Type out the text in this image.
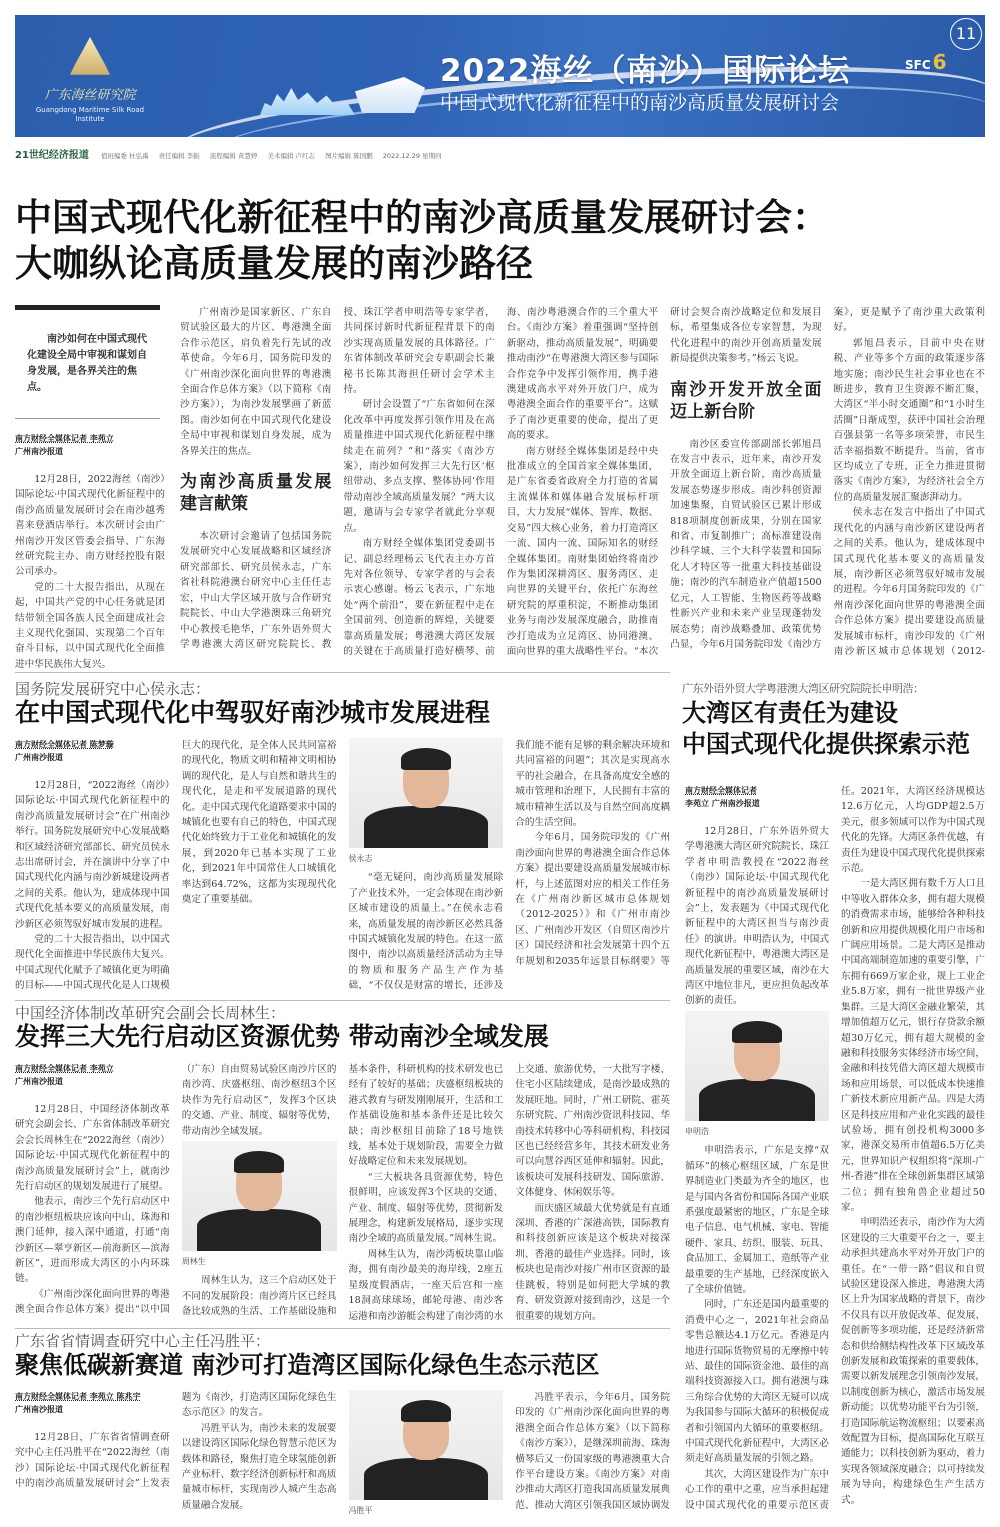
广东海丝研究院
Guangdong Maritime Silk Road Institute
2022海丝（南沙）国际论坛
中国式现代化新征程中的南沙高质量发展研讨会
SFC 6
11
21世纪经济报道 值班编委 杜弘禹 责任编辑 李振 流程编辑 黄慧婷 美术编辑 卢红志 图片编辑 陈国鹏 2022.12.29 星期四
中国式现代化新征程中的南沙高质量发展研讨会：
大咖纵论高质量发展的南沙路径
南沙如何在中国式现代化建设全局中审视和谋划自身发展，是各界关注的焦点。
南方财经全媒体记者 李苑立
广州南沙报道

12月28日，2022海丝（南沙）国际论坛·中国式现代化新征程中的南沙高质量发展研讨会在南沙越秀喜来登酒店举行。本次研讨会由广州南沙开发区管委会指导、广东海丝研究院主办、南方财经控股有限公司承办。

党的二十大报告指出，从现在起，中国共产党的中心任务就是团结带领全国各族人民全面建成社会主义现代化强国、实现第二个百年奋斗目标，以中国式现代化全面推进中华民族伟大复兴。

广州南沙是国家新区、广东自贸试验区最大的片区、粤港澳全面合作示范区，肩负着先行先试的改革使命。今年6月，国务院印发的《广州南沙深化面向世界的粤港澳全面合作总体方案》（以下简称《南沙方案》），为南沙发展擘画了新蓝图。南沙如何在中国式现代化建设全局中审视和谋划自身发展，成为各界关注的焦点。

为南沙高质量发展建言献策

本次研讨会邀请了包括国务院发展研究中心发展战略和区域经济研究部部长、研究员侯永志，广东省社科院港澳台研究中心主任任志宏，中山大学区域开放与合作研究院院长、中山大学港澳珠三角研究中心教授毛艳华，广东外语外贸大学粤港澳大湾区研究院院长、教授、珠江学者申明浩等专家学者，共同探讨新时代新征程背景下的南沙实现高质量发展的具体路径。广东省体制改革研究会专职副会长兼秘书长陈其海担任研讨会学术主持。

研讨会设置了“广东省如何在深化改革中再度发挥引领作用及在高质量推进中国式现代化新征程中继续走在前列？”和“落实《南沙方案》，南沙如何发挥三大先行区‘枢纽带动、多点支撑、整体协同’作用带动南沙全域高质量发展？”两大议题，邀请与会专家学者就此分享观点。

南方财经全媒体集团党委副书记、副总经理杨云飞代表主办方首先对各位领导、专家学者的与会表示衷心感谢。杨云飞表示，广东地处“两个前沿”，要在新征程中走在全国前列、创造新的辉煌，关键要靠高质量发展；粤港澳大湾区发展的关键在于高质量打造好横琴、前海、南沙粤港澳合作的三个重大平台。《南沙方案》着重强调“坚持创新驱动，推动高质量发展”，明确要推动南沙“在粤港澳大湾区参与国际合作竞争中发挥引领作用，携手港澳建成高水平对外开放门户，成为粤港澳全面合作的重要平台”。这赋予了南沙更重要的使命，提出了更高的要求。

南方财经全媒体集团是经中央批准成立的全国首家全媒体集团，是广东省委省政府全力打造的省属主流媒体和媒体融合发展标杆项目，大力发展“媒体、智库、数据、交易”四大核心业务，着力打造湾区一流、国内一流、国际知名的财经全媒体集团。南财集团始终将南沙作为集团深耕湾区、服务湾区、走向世界的关键平台，依托广东海丝研究院的厚重积淀，不断推动集团业务与南沙发展深度融合，助推南沙打造成为立足湾区、协同港澳、面向世界的重大战略性平台。“本次研讨会契合南沙战略定位和发展目标，希望集成各位专家智慧，为现代化进程中的南沙开创高质量发展新局提供决策参考。”杨云飞说。

南沙开发开放全面迈上新台阶

南沙区委宣传部副部长郭旭昌在发言中表示，近年来，南沙开发开放全面迈上新台阶，南沙高质量发展态势逐步形成。南沙科创资源加速集聚，自贸试验区已累计形成818项制度创新成果，分别在国家和省、市复制推广；高标准建设南沙科学城、三个大科学装置和国际化人才特区等一批重大科技基础设施；南沙的汽车制造业产值超1500亿元，人工智能、生物医药等战略性新兴产业和未来产业呈现蓬勃发展态势；南沙战略叠加、政策优势凸显，今年6月国务院印发《南沙方案》，更是赋予了南沙重大政策利好。

郭旭昌表示，目前中央在财税、产业等多个方面的政策逐步落地实施；南沙民生社会事业也在不断进步，教育卫生资源不断汇聚，大湾区“半小时交通圈”和“1小时生活圈”日渐成型，获评中国社会治理百强县第一名等多项荣誉，市民生活幸福指数不断提升。当前，省市区均成立了专班，正全力推进贯彻落实《南沙方案》，为经济社会全方位的高质量发展汇聚澎湃动力。

侯永志在发言中指出了中国式现代化的内涵与南沙新区建设两者之间的关系。他认为，建成体现中国式现代化基本要义的高质量发展，南沙新区必须驾驭好城市发展的进程。今年6月国务院印发的《广州南沙深化面向世界的粤港澳全面合作总体方案》提出要建设高质量发展城市标杆，南沙印发的《广州南沙新区城市总体规划（2012-

国务院发展研究中心侯永志：
在中国式现代化中驾驭好南沙城市发展进程
南方财经全媒体记者 陈梦璇
广州南沙报道

12月28日，“2022海丝（南沙）国际论坛·中国式现代化新征程中的南沙高质量发展研讨会”在广州南沙举行。国务院发展研究中心发展战略和区域经济研究部部长、研究员侯永志出席研讨会，并在演讲中分享了中国式现代化内涵与南沙新城建设两者之间的关系。他认为，建成体现中国式现代化基本要义的高质量发展，南沙新区必须驾驭好城市发展的进程。

党的二十大报告指出，以中国式现代化全面推进中华民族伟大复兴。中国式现代化赋予了城镇化更为明确的目标——中国式现代化是人口规模巨大的现代化，是全体人民共同富裕的现代化，物质文明和精神文明相协调的现代化，是人与自然和谐共生的现代化，是走和平发展道路的现代化。走中国式现代化道路要求中国的城镇化也要有自己的特色，中国式现代化始终致力于工业化和城镇化的发展，到2020年已基本实现了工业化，到2021年中国常住人口城镇化率达到64.72%，这都为实现现代化奠定了重要基础。

侯永志

“毫无疑问，南沙高质量发展除了产业技术外，一定会体现在南沙新区城市建设的质量上。”在侯永志看来，高质量发展的南沙新区必然具备中国式城镇化发展的特色。在这一蓝图中，南沙以高质量经济活动为主导的物质和服务产品生产作为基础，“不仅仅是财富的增长，还涉及我们能不能有足够的剩余解决环境和共同富裕的问题”；其次是实现高水平的社会融合，在具备高度安全感的城市管理和治理下，人民拥有丰富的城市精神生活以及与自然空间高度耦合的生活空间。

今年6月，国务院印发的《广州南沙面向世界的粤港澳全面合作总体方案》提出要建设高质量发展城市标杆，与上述蓝图对应的相关工作任务在《广州南沙新区城市总体规划（2012-2025）》和《广州市南沙区、广州南沙开发区（自贸区南沙片区）国民经济和社会发展第十四个五年规划和2035年远景目标纲要》等

中国经济体制改革研究会副会长周林生：
发挥三大先行启动区资源优势 带动南沙全域发展
南方财经全媒体记者 李苑立
广州南沙报道

12月28日，中国经济体制改革研究会副会长、广东省体制改革研究会会长周林生在“2022海丝（南沙）国际论坛·中国式现代化新征程中的南沙高质量发展研讨会”上，就南沙先行启动区的规划发展进行了展望。

他表示，南沙三个先行启动区中的南沙枢纽板块应该向中山、珠海和澳门延伸，接入深中通道，打通“南沙新区—翠亨新区—前海新区—滨海新区”，进而形成大湾区的小内环珠链。

《广州南沙深化面向世界的粤港澳全面合作总体方案》提出“以中国（广东）自由贸易试验区南沙片区的南沙湾、庆盛枢纽、南沙枢纽3个区块作为先行启动区”，发挥3个区块的交通、产业、制度、辐射等优势，带动南沙全域发展。

周林生

周林生认为，这三个启动区处于不同的发展阶段：南沙湾片区已经具备比较成熟的生活、工作基础设施和基本条件，科研机构的技术研发也已经有了较好的基础；庆盛枢纽板块的港式教育与研发刚刚展开，生活和工作基础设施和基本条件还是比较欠缺；南沙枢纽目前除了18号地铁线，基本处于规划阶段，需要全力做好战略定位和未来发展规划。

“三大板块各具资源优势，特色很鲜明，应该发挥3个区块的交通、产业、制度、辐射等优势，贯彻新发展理念，构建新发展格局，逐步实现南沙全域的高质量发展。”周林生说。

周林生认为，南沙湾板块靠山临海，拥有南沙最美的海岸线，2座五星级度假酒店，一座天后宫和一座18洞高球球场，邮轮母港、南沙客运港和南沙游艇会构建了南沙湾的水上交通、旅游优势，一大批写字楼、住宅小区陆续建成，是南沙最成熟的发展旺地。同时，广州工研院、霍英东研究院、广州南沙资讯科技园、华南技术转移中心等科研机构、科技园区也已经经营多年，其技术研发业务可以向慧谷西区延伸和辐射。因此，该板块可发展科技研发、国际旅游、文体健身、休闲娱乐等。

而庆盛区域最大优势就是有直通深圳、香港的广深港高铁，国际教育和科技创新应该是这个板块对接深圳、香港的最佳产业选择。同时，该板块也是南沙对接广州市区资源的最佳跳板，特别是如何把大学城的教育、研发资源对接到南沙，这是一个很重要的规划方向。

广东省省情调查研究中心主任冯胜平：
聚焦低碳新赛道 南沙可打造湾区国际化绿色生态示范区
南方财经全媒体记者 李苑立 陈兆宇
广州南沙报道

12月28日，广东省省情调查研究中心主任冯胜平在“2022海丝（南沙）国际论坛·中国式现代化新征程中的南沙高质量发展研讨会”上发表题为《南沙，打造湾区国际化绿色生态示范区》的发言。

冯胜平认为，南沙未来的发展要以建设湾区国际化绿色智慧示范区为载体和路径，聚焦打造全球氢能创新产业标杆、数字经济创新标杆和高质量城市标杆，实现南沙人城产生态高质量融合发展。	冯胜平

冯胜平表示，今年6月，国务院印发的《广州南沙深化面向世界的粤港澳全面合作总体方案》（以下简称《南沙方案》），是继深圳前海、珠海横琴后又一份国家级的粤港澳重大合作平台建设方案。《南沙方案》对南沙推动大湾区打造我国高质量发展典范、推动大湾区引领我国区域协调发

广东外语外贸大学粤港澳大湾区研究院院长申明浩：
大湾区有责任为建设
中国式现代化提供探索示范
南方财经全媒体记者
李苑立 广州南沙报道

12月28日，广东外语外贸大学粤港澳大湾区研究院院长、珠江学者申明浩教授在“2022海丝（南沙）国际论坛·中国式现代化新征程中的南沙高质量发展研讨会”上，发表题为《中国式现代化新征程中的大湾区担当与南沙责任》的演讲。申明浩认为，中国式现代化新征程中，粤港澳大湾区是高质量发展的重要区域，南沙在大湾区中地位非凡，更应担负起改革创新的责任。

申明浩

申明浩表示，广东是支撑“双循环”的核心枢纽区域，广东是世界制造业门类最为齐全的地区，也是与国内各省份和国际各国产业联系强度最紧密的地区，广东是全球电子信息、电气机械、家电、智能硬件、家具、纺织、服装、玩具、食品加工、金属加工、造纸等产业最重要的生产基地，已经深度嵌入了全球价值链。

同时，广东还是国内最重要的消费中心之一，2021年社会商品零售总额达4.1万亿元。香港是内地进行国际货物贸易的无摩擦中转站、最佳的国际资金池、最佳的高端科技资源接入口。拥有港澳与珠三角综合优势的大湾区无疑可以成为我国参与国际大循环的积极促成者和引领国内大循环的重要枢纽。中国式现代化新征程中，大湾区必须走好高质量发展的引领之路。

其次，大湾区建设作为广东中心工作的重中之重，应当承担起建设中国式现代化的重要示范区责任。2021年，大湾区经济规模达12.6万亿元，人均GDP超2.5万美元，很多领域可以作为中国式现代化的先锋。大湾区条件优越，有责任为建设中国式现代化提供探索示范。

一是大湾区拥有数千万人口且中等收入群体众多，拥有超大规模的消费需求市场，能够给各种科技创新和应用提供规模化用户市场和广阔应用场景。二是大湾区是推动中国高端制造加速的重要引擎，广东拥有669万家企业，规上工业企业5.8万家，拥有一批世界级产业集群。三是大湾区金融业繁荣，其增加值超万亿元，银行存贷款余额超30万亿元，拥有超大规模的金融和科技服务实体经济市场空间，金融和科技凭借大湾区超大规模市场和应用场景，可以低成本快速推广新技术新应用新产品。四是大湾区是科技应用和产业化实践的最佳试验场，拥有创投机构3000多家，港深交易所市值超6.5万亿美元，世界知识产权组织将“深圳-广州-香港”排在全球创新集群区域第二位；拥有独角兽企业超过50家。

申明浩还表示，南沙作为大湾区建设的三大重要平台之一，要主动承担共建高水平对外开放门户的重任。在“一带一路”倡议和自贸试验区建设深入推进，粤港澳大湾区上升为国家战略的背景下，南沙不仅具有以开放促改革、促发展、促创新等多项功能，还是经济新常态和供给侧结构性改革下区域改革创新发展和政策探索的重要载体，需要以新发展理念引领南沙发展，以制度创新为核心，激活市场发展新动能；以优势功能平台为引领，打造国际航运物流枢纽；以要素高效配置为目标，提高国际化互联互通能力；以科技创新为驱动，着力实现各领域深度融合；以可持续发展为导向，构建绿色生产生活方式。
